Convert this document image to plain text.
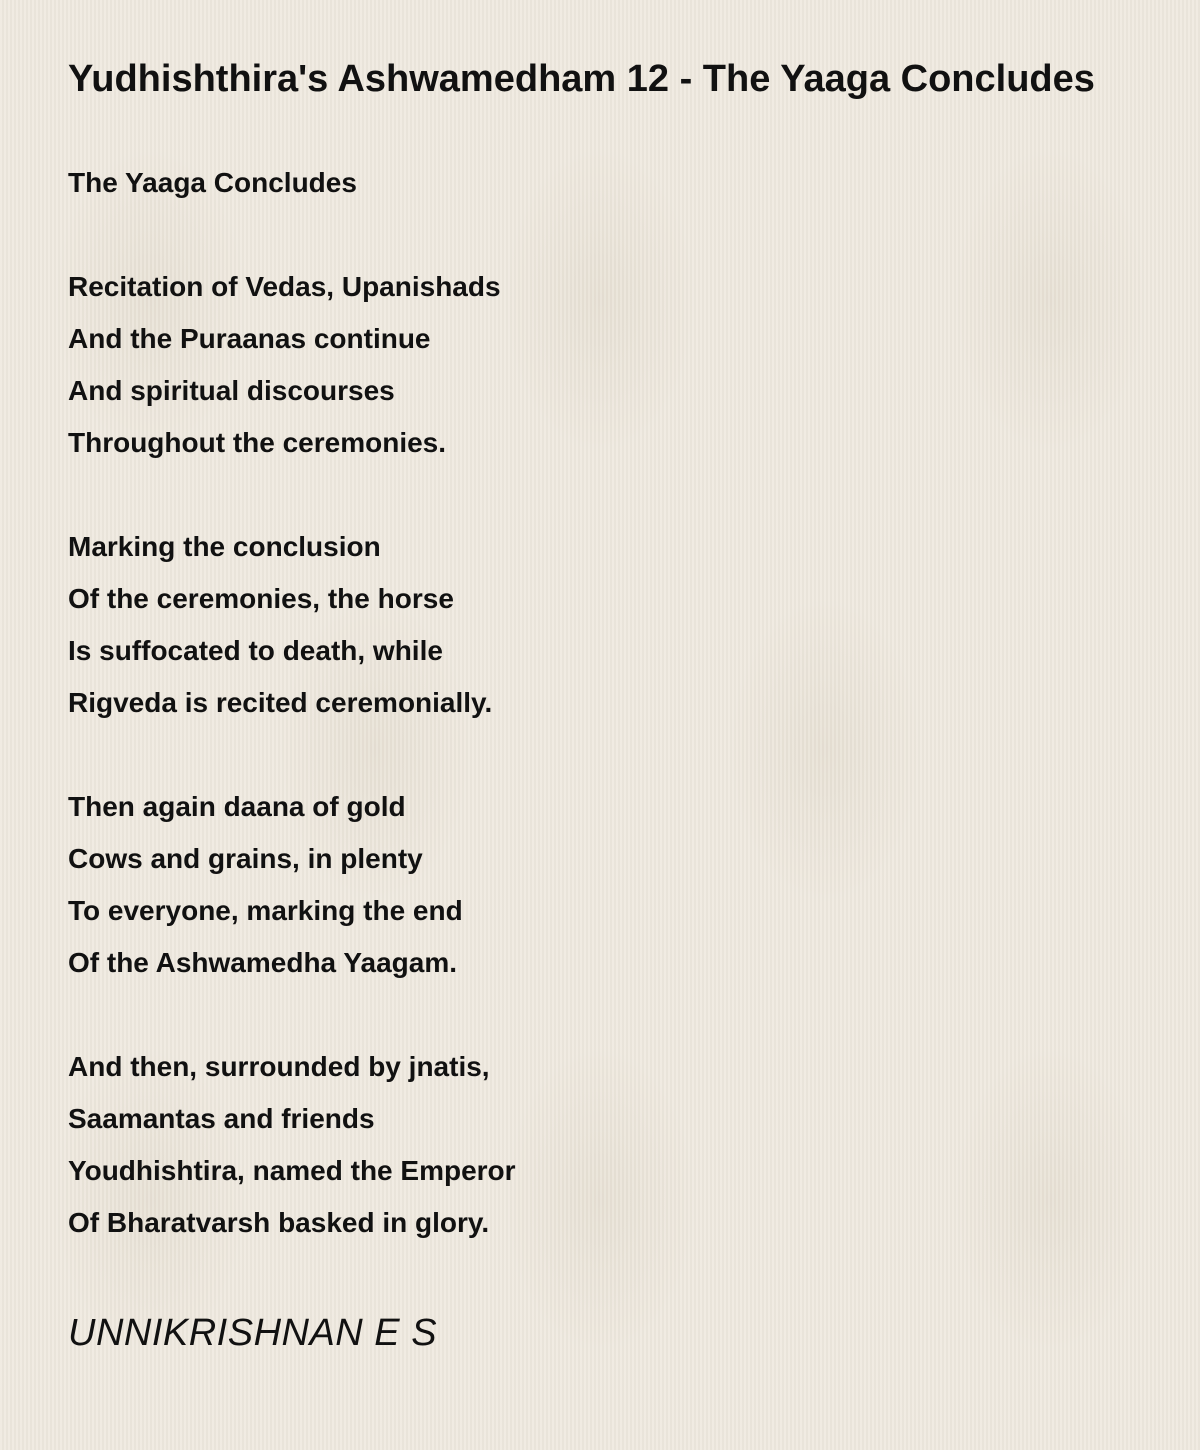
Yudhishthira's Ashwamedham 12 - The Yaaga Concludes
The Yaaga Concludes
Recitation of Vedas, Upanishads
And the Puraanas continue
And spiritual discourses
Throughout the ceremonies.
Marking the conclusion
Of the ceremonies, the horse
Is suffocated to death, while
Rigveda is recited ceremonially.
Then again daana of gold
Cows and grains, in plenty
To everyone, marking the end
Of the Ashwamedha Yaagam.
And then, surrounded by jnatis,
Saamantas and friends
Youdhishtira, named the Emperor
Of Bharatvarsh basked in glory.
UNNIKRISHNAN E S
